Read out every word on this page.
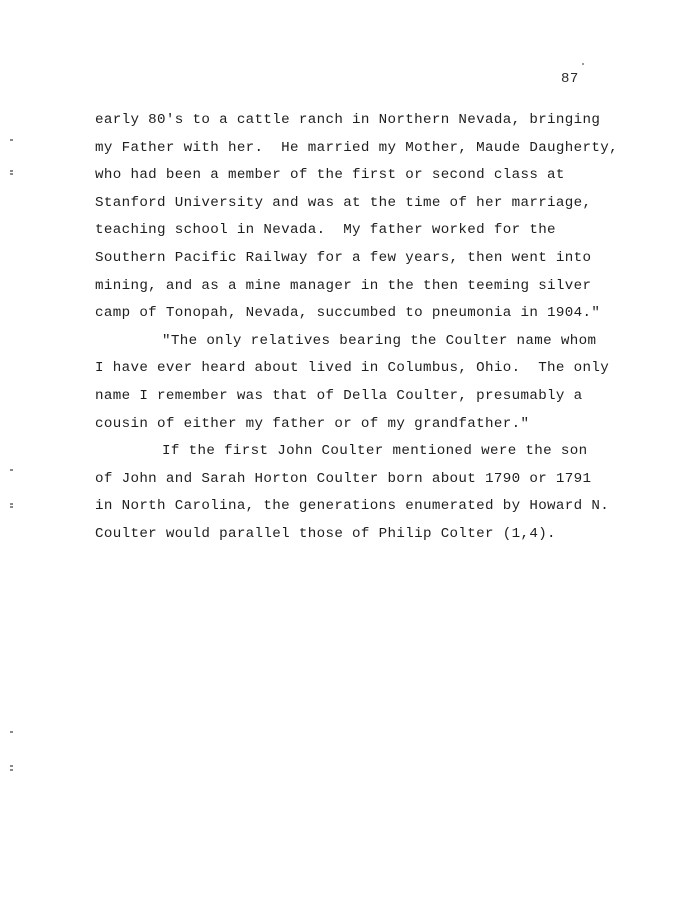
87
early 80's to a cattle ranch in Northern Nevada, bringing
my Father with her.  He married my Mother, Maude Daugherty,
who had been a member of the first or second class at
Stanford University and was at the time of her marriage,
teaching school in Nevada.  My father worked for the
Southern Pacific Railway for a few years, then went into
mining, and as a mine manager in the then teeming silver
camp of Tonopah, Nevada, succumbed to pneumonia in 1904."
"The only relatives bearing the Coulter name whom
I have ever heard about lived in Columbus, Ohio.  The only
name I remember was that of Della Coulter, presumably a
cousin of either my father or of my grandfather."
If the first John Coulter mentioned were the son
of John and Sarah Horton Coulter born about 1790 or 1791
in North Carolina, the generations enumerated by Howard N.
Coulter would parallel those of Philip Colter (1,4).
